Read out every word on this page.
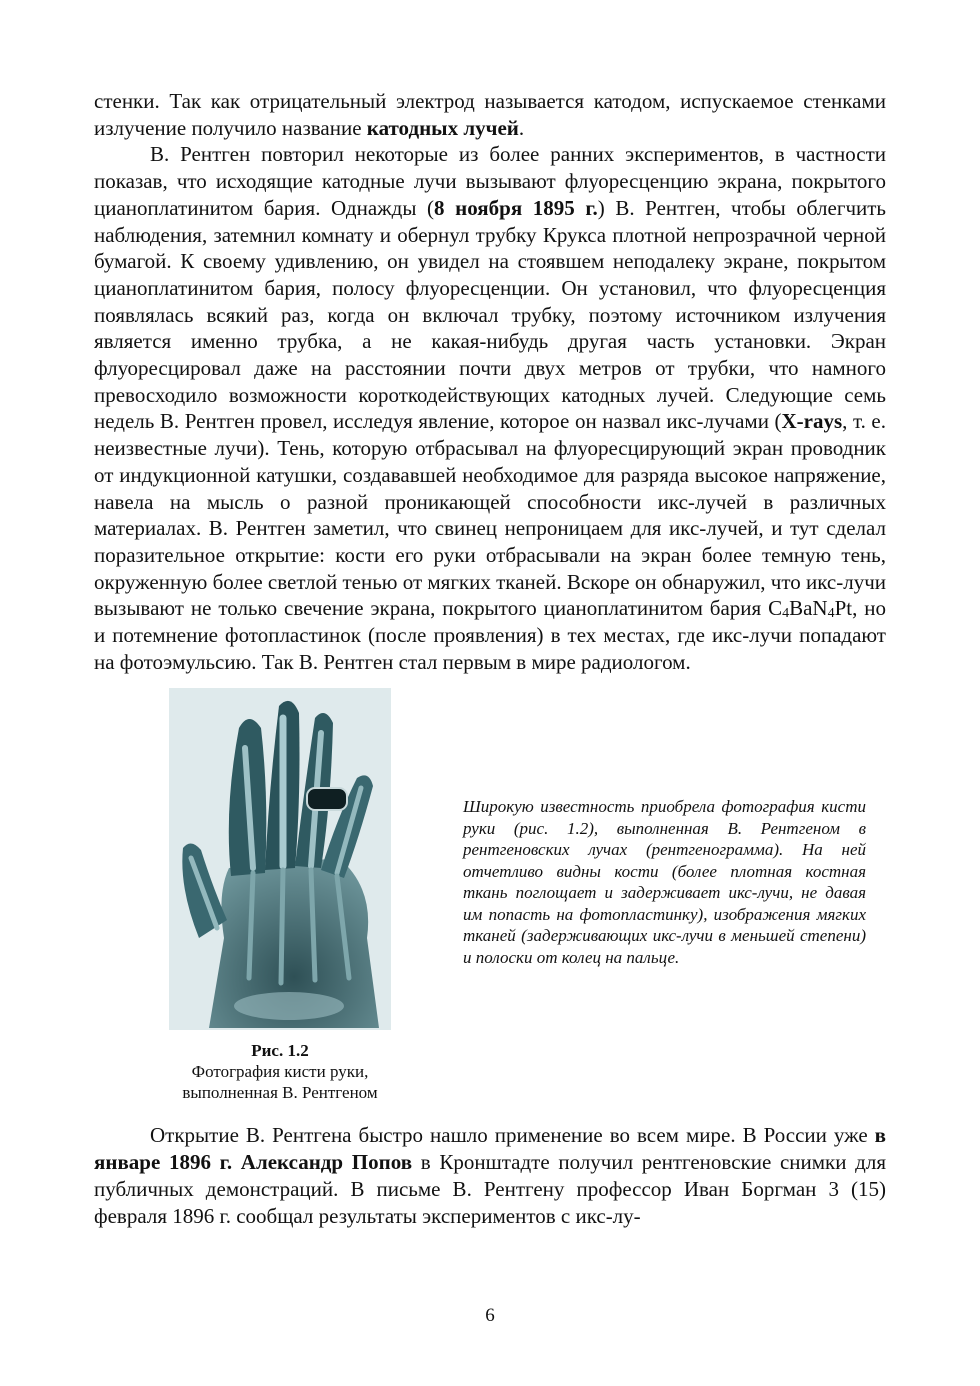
стенки. Так как отрицательный электрод называется катодом, испускаемое стенками излучение получило название катодных лучей.

В. Рентген повторил некоторые из более ранних экспериментов, в частности показав, что исходящие катодные лучи вызывают флуоресценцию экрана, покрытого цианоплатинитом бария. Однажды (8 ноября 1895 г.) В. Рентген, чтобы облегчить наблюдения, затемнил комнату и обернул трубку Крукса плотной непрозрачной черной бумагой. К своему удивлению, он увидел на стоявшем неподалеку экране, покрытом цианоплатинитом бария, полосу флуоресценции. Он установил, что флуоресценция появлялась всякий раз, когда он включал трубку, поэтому источником излучения является именно трубка, а не какая-нибудь другая часть установки. Экран флуоресцировал даже на расстоянии почти двух метров от трубки, что намного превосходило возможности короткодействующих катодных лучей. Следующие семь недель В. Рентген провел, исследуя явление, которое он назвал икс-лучами (X-rays, т. е. неизвестные лучи). Тень, которую отбрасывал на флуоресцирующий экран проводник от индукционной катушки, создававшей необходимое для разряда высокое напряжение, навела на мысль о разной проникающей способности икс-лучей в различных материалах. В. Рентген заметил, что свинец непроницаем для икс-лучей, и тут сделал поразительное открытие: кости его руки отбрасывали на экран более темную тень, окруженную более светлой тенью от мягких тканей. Вскоре он обнаружил, что икс-лучи вызывают не только свечение экрана, покрытого цианоплатинитом бария $C_4BaN_4Pt$, но и потемнение фотопластинок (после проявления) в тех местах, где икс-лучи попадают на фотоэмульсию. Так В. Рентген стал первым в мире радиологом.

Рис. 1.2
Фотография кисти руки,
выполненная В. Рентгеном
Широкую известность приобрела фотография кисти руки (рис. 1.2), выполненная В. Рентгеном в рентгеновских лучах (рентгенограмма). На ней отчетливо видны кости (более плотная костная ткань поглощает и задерживает икс-лучи, не давая им попасть на фотопластинку), изображения мягких тканей (задерживающих икс-лучи в меньшей степени) и полоски от колец на пальце.

Открытие В. Рентгена быстро нашло применение во всем мире. В России уже в январе 1896 г. Александр Попов в Кронштадте получил рентгеновские снимки для публичных демонстраций. В письме В. Рентгену профессор Иван Боргман 3 (15) февраля 1896 г. сообщал результаты экспериментов с икс-лу-

6
